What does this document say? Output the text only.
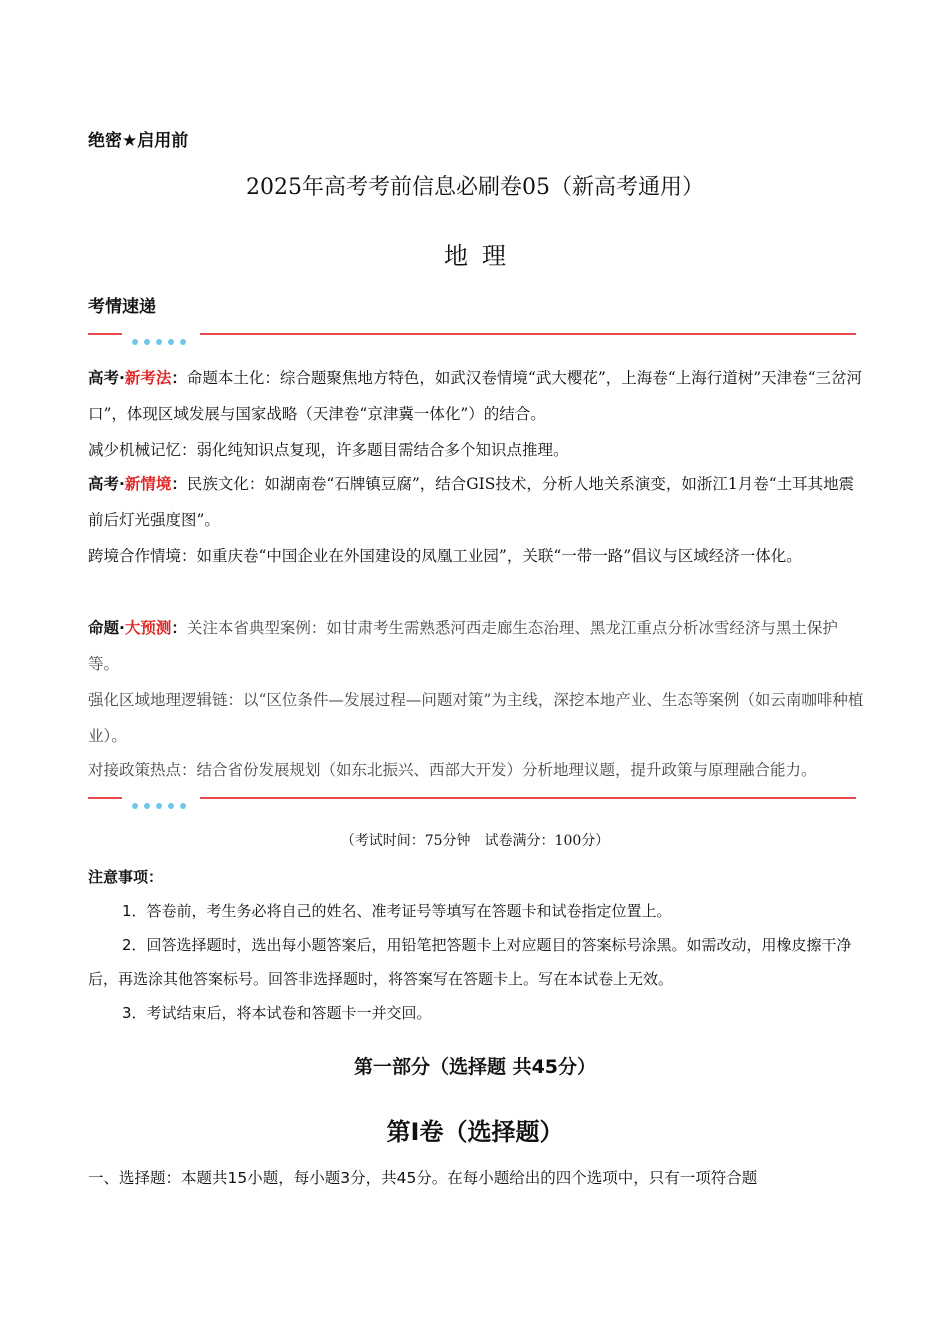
绝密★启用前
2025年高考考前信息必刷卷05（新高考通用）
地理
考情速递
高考·新考法：命题本土化：综合题聚焦地方特色，如武汉卷情境“武大樱花”，上海卷“上海行道树”天津卷“三岔河口”，体现区域发展与国家战略（天津卷“京津冀一体化”）的结合。
减少机械记忆：弱化纯知识点复现，许多题目需结合多个知识点推理。
高考·新情境：民族文化：如湖南卷“石牌镇豆腐”，结合GIS技术，分析人地关系演变，如浙江1月卷“土耳其地震前后灯光强度图”。
跨境合作情境：如重庆卷“中国企业在外国建设的凤凰工业园”，关联“一带一路”倡议与区域经济一体化。
命题·大预测：关注本省典型案例：如甘肃考生需熟悉河西走廊生态治理、黑龙江重点分析冰雪经济与黑土保护等。
强化区域地理逻辑链：以“区位条件—发展过程—问题对策”为主线，深挖本地产业、生态等案例（如云南咖啡种植业）。
对接政策热点：结合省份发展规划（如东北振兴、西部大开发）分析地理议题，提升政策与原理融合能力。
（考试时间：75分钟　试卷满分：100分）
注意事项：
1．答卷前，考生务必将自己的姓名、准考证号等填写在答题卡和试卷指定位置上。
2．回答选择题时，选出每小题答案后，用铅笔把答题卡上对应题目的答案标号涂黑。如需改动，用橡皮擦干净后，再选涂其他答案标号。回答非选择题时，将答案写在答题卡上。写在本试卷上无效。
3．考试结束后，将本试卷和答题卡一并交回。
第一部分（选择题 共45分）
第Ⅰ卷（选择题）
一、选择题：本题共15小题，每小题3分，共45分。在每小题给出的四个选项中，只有一项符合题
